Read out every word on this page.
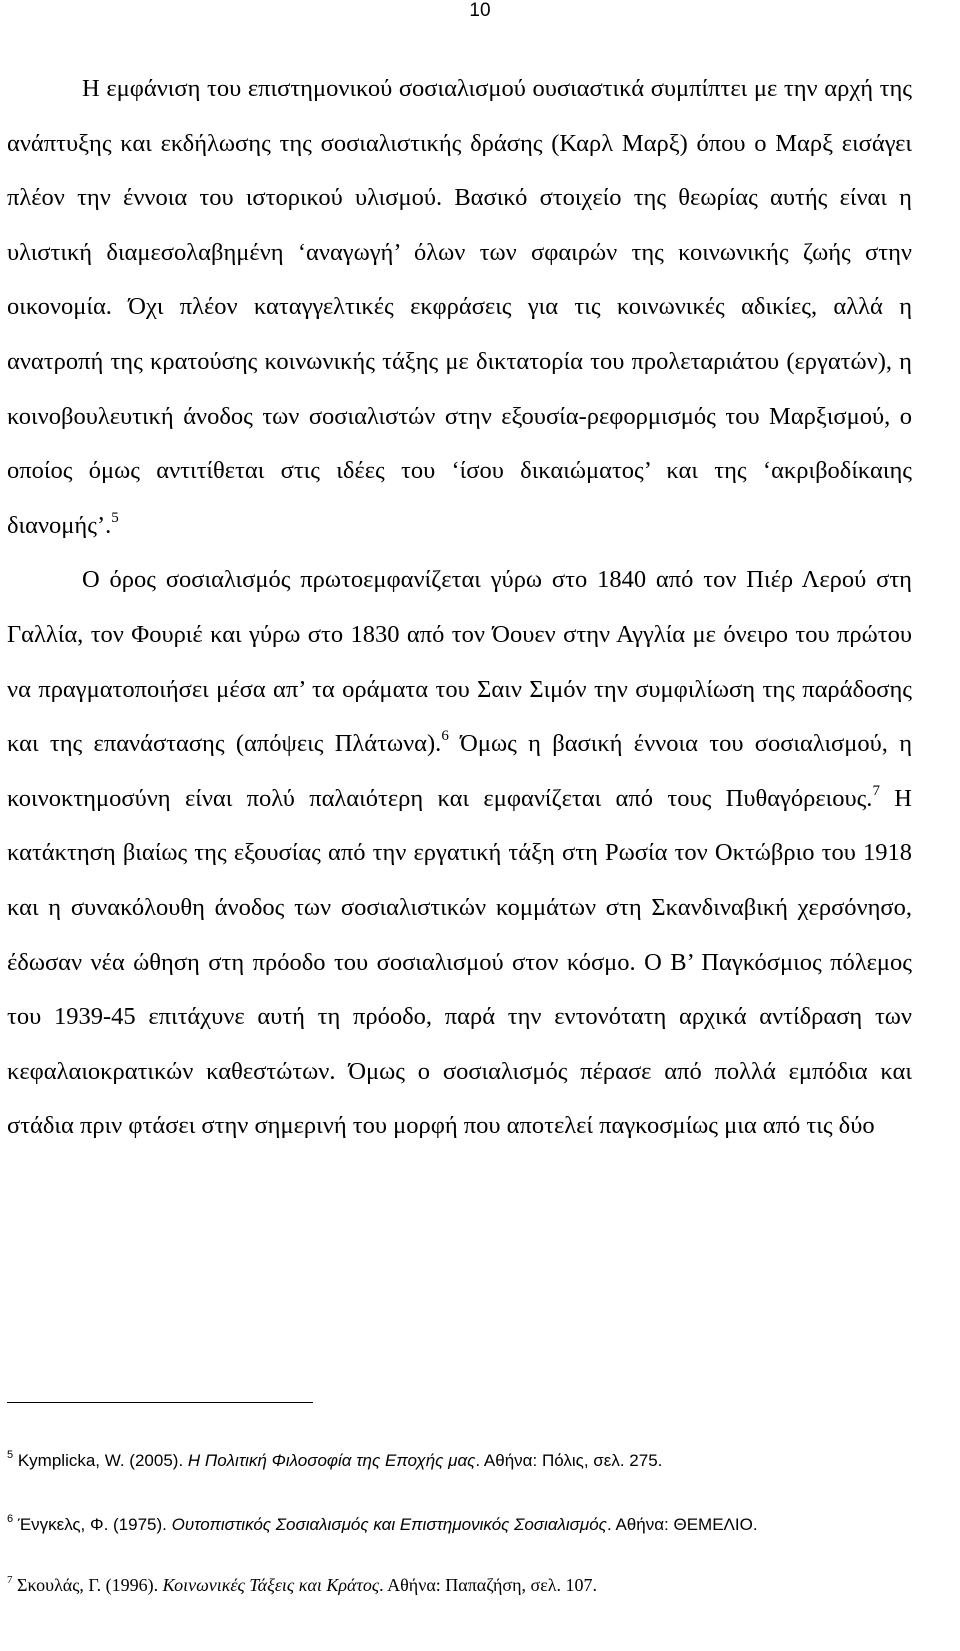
10

Η εμφάνιση του επιστημονικού σοσιαλισμού ουσιαστικά συμπίπτει με την αρχή της ανάπτυξης και εκδήλωσης της σοσιαλιστικής δράσης (Καρλ Μαρξ) όπου ο Μαρξ εισάγει πλέον την έννοια του ιστορικού υλισμού. Βασικό στοιχείο της θεωρίας αυτής είναι η υλιστική διαμεσολαβημένη ‘αναγωγή’ όλων των σφαιρών της κοινωνικής ζωής στην οικονομία. Όχι πλέον καταγγελτικές εκφράσεις για τις κοινωνικές αδικίες, αλλά η ανατροπή της κρατούσης κοινωνικής τάξης με δικτατορία του προλεταριάτου (εργατών), η κοινοβουλευτική άνοδος των σοσιαλιστών στην εξουσία-ρεφορμισμός του Μαρξισμού, ο οποίος όμως αντιτίθεται στις ιδέες του ‘ίσου δικαιώματος’ και της ‘ακριβοδίκαιης διανομής’.$^5$

Ο όρος σοσιαλισμός πρωτοεμφανίζεται γύρω στο 1840 από τον Πιέρ Λερού στη Γαλλία, τον Φουριέ και γύρω στο 1830 από τον Όουεν στην Αγγλία με όνειρο του πρώτου να πραγματοποιήσει μέσα απ’ τα οράματα του Σαιν Σιμόν την συμφιλίωση της παράδοσης και της επανάστασης (απόψεις Πλάτωνα).$^6$ Όμως η βασική έννοια του σοσιαλισμού, η κοινοκτημοσύνη είναι πολύ παλαιότερη και εμφανίζεται από τους Πυθαγόρειους.$^7$ Η κατάκτηση βιαίως της εξουσίας από την εργατική τάξη στη Ρωσία τον Οκτώβριο του 1918 και η συνακόλουθη άνοδος των σοσιαλιστικών κομμάτων στη Σκανδιναβική χερσόνησο, έδωσαν νέα ώθηση στη πρόοδο του σοσιαλισμού στον κόσμο. Ο Β’ Παγκόσμιος πόλεμος του 1939-45 επιτάχυνε αυτή τη πρόοδο, παρά την εντονότατη αρχικά αντίδραση των κεφαλαιοκρατικών καθεστώτων. Όμως ο σοσιαλισμός πέρασε από πολλά εμπόδια και στάδια πριν φτάσει στην σημερινή του μορφή που αποτελεί παγκοσμίως μια από τις δύο

$^5$ Kymplicka, W. (2005). Η Πολιτική Φιλοσοφία της Εποχής μας. Αθήνα: Πόλις, σελ. 275.
$^6$ Ένγκελς, Φ. (1975). Ουτοπιστικός Σοσιαλισμός και Επιστημονικός Σοσιαλισμός. Αθήνα: ΘΕΜΕΛΙΟ.
$^7$ Σκουλάς, Γ. (1996). Κοινωνικές Τάξεις και Κράτος. Αθήνα: Παπαζήση, σελ. 107.
